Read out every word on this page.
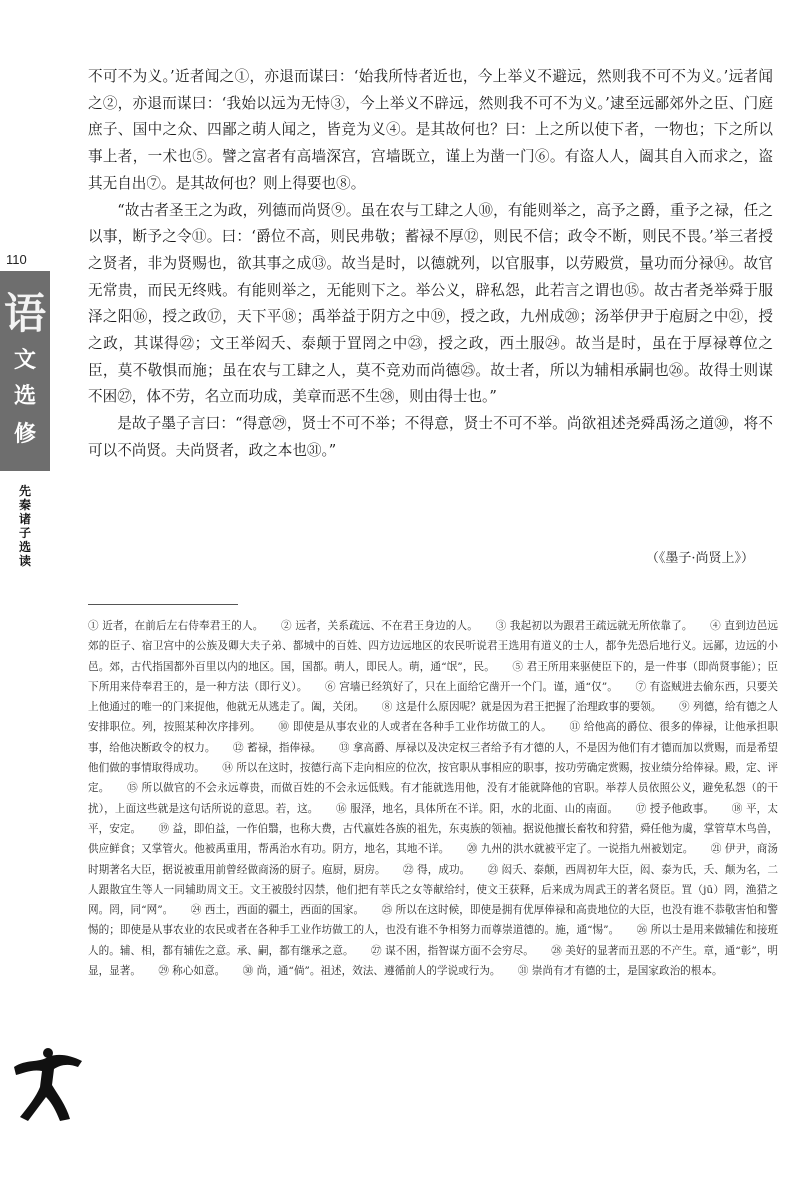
语
文
选
修
110
先秦诸子选读

不可不为义。’近者闻之①，亦退而谋曰：‘始我所恃者近也，今上举义不避远，然则我不可不为义。’远者闻之②，亦退而谋曰：‘我始以远为无恃③，今上举义不辟远，然则我不可不为义。’逮至远鄙郊外之臣、门庭庶子、国中之众、四鄙之萌人闻之，皆竞为义④。是其故何也？曰：上之所以使下者，一物也；下之所以事上者，一术也⑤。譬之富者有高墙深宫，宫墙既立，谨上为凿一门⑥。有盗人人，阖其自入而求之，盗其无自出⑦。是其故何也？则上得要也⑧。

“故古者圣王之为政，列德而尚贤⑨。虽在农与工肆之人⑩，有能则举之，高予之爵，重予之禄，任之以事，断予之令⑪。曰：‘爵位不高，则民弗敬；蓄禄不厚⑫，则民不信；政令不断，则民不畏。’举三者授之贤者，非为贤赐也，欲其事之成⑬。故当是时，以德就列，以官服事，以劳殿赏，量功而分禄⑭。故官无常贵，而民无终贱。有能则举之，无能则下之。举公义，辟私怨，此若言之谓也⑮。故古者尧举舜于服泽之阳⑯，授之政⑰，天下平⑱；禹举益于阴方之中⑲，授之政，九州成⑳；汤举伊尹于庖厨之中㉑，授之政，其谋得㉒；文王举闳夭、泰颠于罝罔之中㉓，授之政，西土服㉔。故当是时，虽在于厚禄尊位之臣，莫不敬惧而施；虽在农与工肆之人，莫不竞劝而尚德㉕。故士者，所以为辅相承嗣也㉖。故得士则谋不困㉗，体不劳，名立而功成，美章而恶不生㉘，则由得士也。”

是故子墨子言曰：“得意㉙，贤士不可不举；不得意，贤士不可不举。尚欲祖述尧舜禹汤之道㉚，将不可以不尚贤。夫尚贤者，政之本也㉛。”

（《墨子·尚贤上》）
① 近者，在前后左右侍奉君王的人。 ② 远者，关系疏远、不在君王身边的人。 ③ 我起初以为跟君王疏远就无所依靠了。 ④ 直到边邑远郊的臣子、宿卫宫中的公族及卿大夫子弟、都城中的百姓、四方边远地区的农民听说君王选用有道义的士人，都争先恐后地行义。远鄙，边远的小邑。郊，古代指国都外百里以内的地区。国，国都。萌人，即民人。萌，通“氓”，民。 ⑤ 君王所用来驱使臣下的，是一件事（即尚贤事能）；臣下所用来侍奉君王的，是一种方法（即行义）。 ⑥ 宫墙已经筑好了，只在上面给它凿开一个门。谨，通“仅”。 ⑦ 有盗贼进去偷东西，只要关上他通过的唯一的门来捉他，他就无从逃走了。阖，关闭。 ⑧ 这是什么原因呢？就是因为君王把握了治理政事的要领。 ⑨ 列德，给有德之人安排职位。列，按照某种次序排列。 ⑩ 即使是从事农业的人或者在各种手工业作坊做工的人。 ⑪ 给他高的爵位、很多的俸禄，让他承担职事，给他决断政令的权力。 ⑫ 蓄禄，指俸禄。 ⑬ 拿高爵、厚禄以及决定权三者给予有才德的人，不是因为他们有才德而加以赏赐，而是希望他们做的事情取得成功。 ⑭ 所以在这时，按德行高下走向相应的位次，按官职从事相应的职事，按功劳确定赏赐，按业绩分给俸禄。殿，定、评定。 ⑮ 所以做官的不会永远尊贵，而做百姓的不会永远低贱。有才能就选用他，没有才能就降他的官职。举荐人员依照公义，避免私怨（的干扰），上面这些就是这句话所说的意思。若，这。 ⑯ 服泽，地名，具体所在不详。阳，水的北面、山的南面。 ⑰ 授予他政事。 ⑱ 平，太平，安定。 ⑲ 益，即伯益，一作伯翳，也称大费，古代嬴姓各族的祖先，东夷族的领袖。据说他擅长畜牧和狩猎，舜任他为虞，掌管草木鸟兽，供应鲜食；又掌管火。他被禹重用，帮禹治水有功。阴方，地名，其地不详。 ⑳ 九州的洪水就被平定了。一说指九州被划定。 ㉑ 伊尹，商汤时期著名大臣，据说被重用前曾经做商汤的厨子。庖厨，厨房。 ㉒ 得，成功。 ㉓ 闳夭、泰颠，西周初年大臣，闳、泰为氏，夭、颠为名，二人跟散宜生等人一同辅助周文王。文王被殷纣囚禁，他们把有莘氏之女等献给纣，使文王获释，后来成为周武王的著名贤臣。罝（jū）罔，渔猎之网。罔，同“网”。 ㉔ 西土，西面的疆土，西面的国家。 ㉕ 所以在这时候，即使是拥有优厚俸禄和高贵地位的大臣，也没有谁不恭敬害怕和警惕的；即使是从事农业的农民或者在各种手工业作坊做工的人，也没有谁不争相努力而尊崇道德的。施，通“惕”。 ㉖ 所以士是用来做辅佐和接班人的。辅、相，都有辅佐之意。承、嗣，都有继承之意。 ㉗ 谋不困，指智谋方面不会穷尽。 ㉘ 美好的显著而丑恶的不产生。章，通“彰”，明显，显著。 ㉙ 称心如意。 ㉚ 尚，通“倘”。祖述，效法、遵循前人的学说或行为。 ㉛ 崇尚有才有德的士，是国家政治的根本。
